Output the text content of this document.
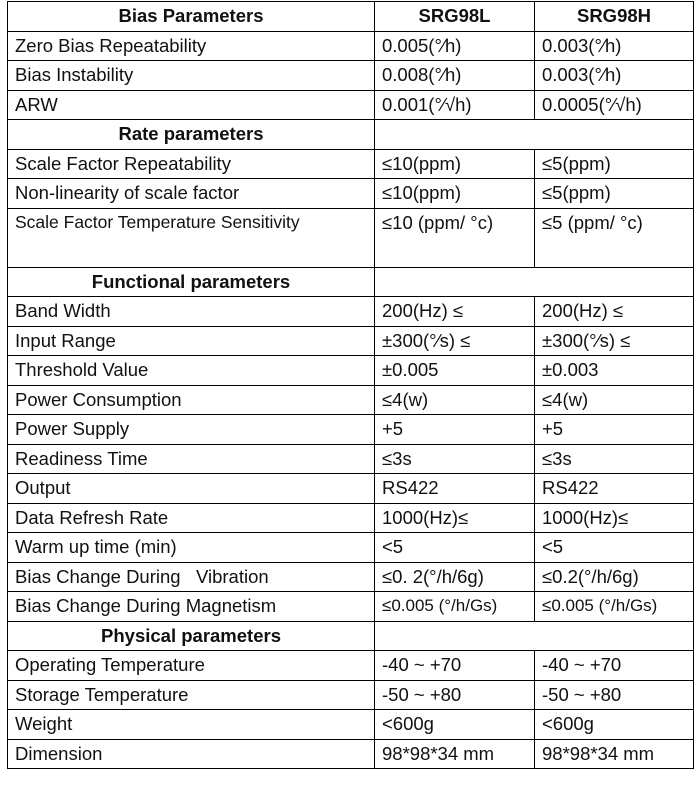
Bias Parameters	SRG98L	SRG98H
Zero Bias Repeatability	0.005(°⁄h)	0.003(°⁄h)
Bias Instability	0.008(°⁄h)	0.003(°⁄h)
ARW	0.001(°⁄√h)	0.0005(°⁄√h)
Rate parameters		
Scale Factor Repeatability	≤10(ppm)	≤5(ppm)
Non-linearity of scale factor	≤10(ppm)	≤5(ppm)
Scale Factor Temperature Sensitivity	≤10 (ppm/ °c)	≤5 (ppm/ °c)
Functional parameters		
Band Width	200(Hz) ≤	200(Hz) ≤
Input Range	±300(°⁄s) ≤	±300(°⁄s) ≤
Threshold Value	±0.005	±0.003
Power Consumption	≤4(w)	≤4(w)
Power Supply	+5	+5
Readiness Time	≤3s	≤3s
Output	RS422	RS422
Data Refresh Rate	1000(Hz)≤	1000(Hz)≤
Warm up time (min)	<5	<5
Bias Change During   Vibration	≤0. 2(°/h/6g)	≤0.2(°/h/6g)
Bias Change During Magnetism	≤0.005 (°/h/Gs)	≤0.005 (°/h/Gs)
Physical parameters		
Operating Temperature	-40 ~ +70	-40 ~ +70
Storage Temperature	-50 ~ +80	-50 ~ +80
Weight	<600g	<600g
Dimension	98*98*34 mm	98*98*34 mm
